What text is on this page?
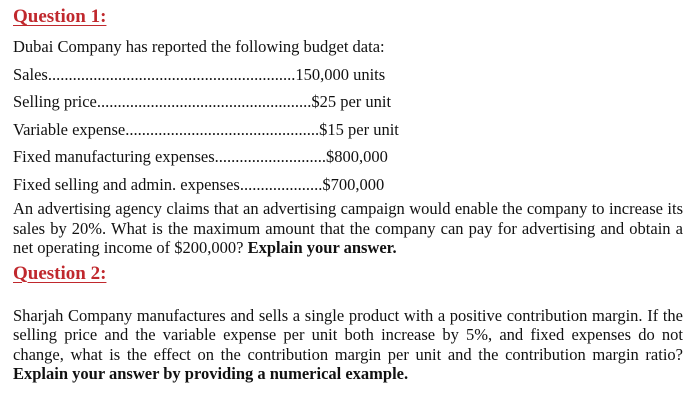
Question 1:
Dubai Company has reported the following budget data:
Sales ............................................................ 150,000 units
Selling price .................................................... $25 per unit
Variable expense ............................................... $15 per unit
Fixed manufacturing expenses ........................... $800,000
Fixed selling and admin. expenses .................... $700,000

An advertising agency claims that an advertising campaign would enable the company to increase its sales by 20%. What is the maximum amount that the company can pay for advertising and obtain a net operating income of $200,000? Explain your answer.

Question 2:

Sharjah Company manufactures and sells a single product with a positive contribution margin. If the selling price and the variable expense per unit both increase by 5%, and fixed expenses do not change, what is the effect on the contribution margin per unit and the contribution margin ratio? Explain your answer by providing a numerical example.
